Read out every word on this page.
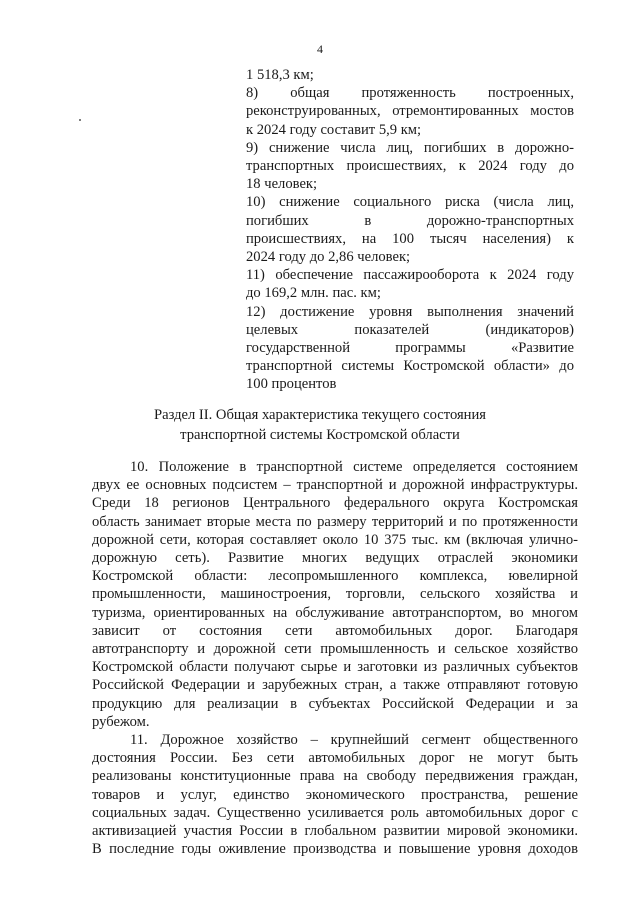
4
1 518,3 км;
8) общая протяженность построенных,
реконструированных, отремонтированных мостов
к 2024 году составит 5,9 км;
9) снижение числа лиц, погибших в дорожно-
транспортных происшествиях, к 2024 году до
18 человек;
10) снижение социального риска (числа лиц,
погибших в дорожно-транспортных
происшествиях, на 100 тысяч населения) к
2024 году до 2,86 человек;
11) обеспечение пассажирооборота к 2024 году
до 169,2 млн. пас. км;
12) достижение уровня выполнения значений
целевых показателей (индикаторов)
государственной программы «Развитие
транспортной системы Костромской области» до
100 процентов
Раздел II. Общая характеристика текущего состояния
транспортной системы Костромской области
10. Положение в транспортной системе определяется состоянием
двух ее основных подсистем – транспортной и дорожной инфраструктуры.
Среди 18 регионов Центрального федерального округа Костромская
область занимает вторые места по размеру территорий и по протяженности
дорожной сети, которая составляет около 10 375 тыс. км (включая улично-
дорожную сеть). Развитие многих ведущих отраслей экономики
Костромской области: лесопромышленного комплекса, ювелирной
промышленности, машиностроения, торговли, сельского хозяйства и
туризма, ориентированных на обслуживание автотранспортом, во многом
зависит от состояния сети автомобильных дорог. Благодаря
автотранспорту и дорожной сети промышленность и сельское хозяйство
Костромской области получают сырье и заготовки из различных субъектов
Российской Федерации и зарубежных стран, а также отправляют готовую
продукцию для реализации в субъектах Российской Федерации и за
рубежом.
11. Дорожное хозяйство – крупнейший сегмент общественного
достояния России. Без сети автомобильных дорог не могут быть
реализованы конституционные права на свободу передвижения граждан,
товаров и услуг, единство экономического пространства, решение
социальных задач. Существенно усиливается роль автомобильных дорог с
активизацией участия России в глобальном развитии мировой экономики.
В последние годы оживление производства и повышение уровня доходов
